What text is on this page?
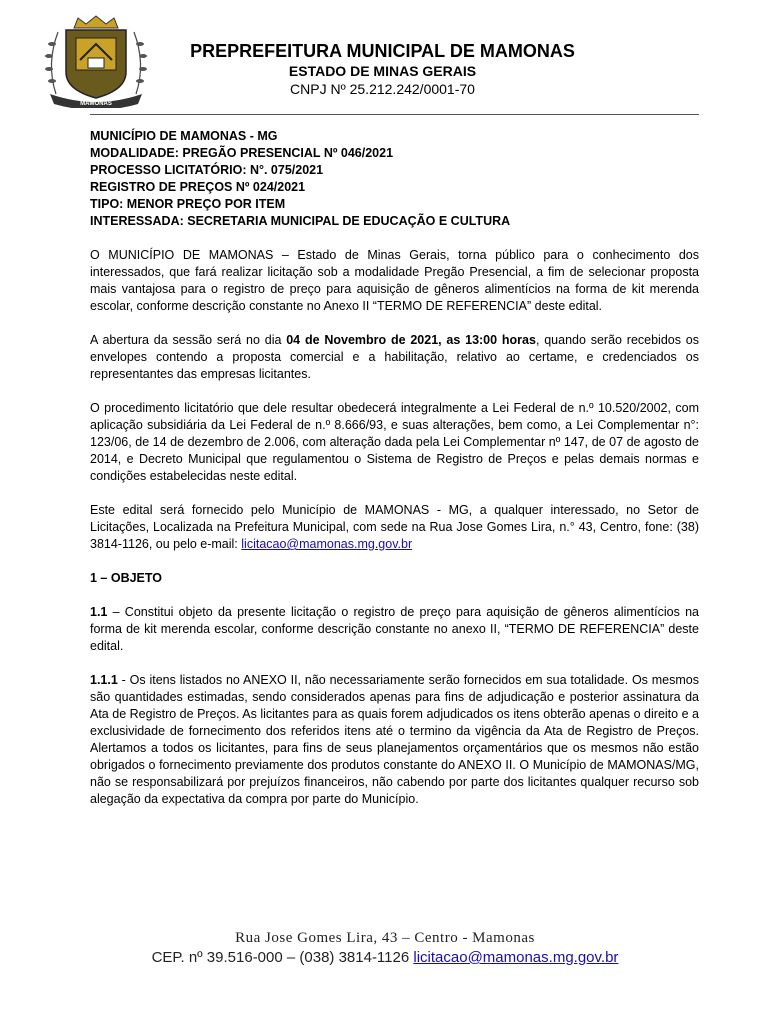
MAMONAS
PREPREFEITURA MUNICIPAL DE MAMONAS
ESTADO DE MINAS GERAIS
CNPJ Nº 25.212.242/0001-70
MUNICÍPIO DE MAMONAS - MG
MODALIDADE: PREGÃO PRESENCIAL Nº 046/2021
PROCESSO LICITATÓRIO: N°. 075/2021
REGISTRO DE PREÇOS Nº 024/2021
TIPO: MENOR PREÇO POR ITEM
INTERESSADA: SECRETARIA MUNICIPAL DE EDUCAÇÃO E CULTURA

O MUNICÍPIO DE MAMONAS – Estado de Minas Gerais, torna público para o conhecimento dos interessados, que fará realizar licitação sob a modalidade Pregão Presencial, a fim de selecionar proposta mais vantajosa para o registro de preço para aquisição de gêneros alimentícios na forma de kit merenda escolar, conforme descrição constante no Anexo II “TERMO DE REFERENCIA” deste edital.

A abertura da sessão será no dia 04 de Novembro de 2021, as 13:00 horas, quando serão recebidos os envelopes contendo a proposta comercial e a habilitação, relativo ao certame, e credenciados os representantes das empresas licitantes.

O procedimento licitatório que dele resultar obedecerá integralmente a Lei Federal de n.º 10.520/2002, com aplicação subsidiária da Lei Federal de n.º 8.666/93, e suas alterações, bem como, a Lei Complementar n°: 123/06, de 14 de dezembro de 2.006, com alteração dada pela Lei Complementar nº 147, de 07 de agosto de 2014, e Decreto Municipal que regulamentou o Sistema de Registro de Preços e pelas demais normas e condições estabelecidas neste edital.

Este edital será fornecido pelo Município de MAMONAS - MG, a qualquer interessado, no Setor de Licitações, Localizada na Prefeitura Municipal, com sede na Rua Jose Gomes Lira, n.° 43, Centro, fone: (38) 3814-1126, ou pelo e-mail: licitacao@mamonas.mg.gov.br

1 – OBJETO

1.1 – Constitui objeto da presente licitação o registro de preço para aquisição de gêneros alimentícios na forma de kit merenda escolar, conforme descrição constante no anexo II, “TERMO DE REFERENCIA” deste edital.

1.1.1 - Os itens listados no ANEXO II, não necessariamente serão fornecidos em sua totalidade. Os mesmos são quantidades estimadas, sendo considerados apenas para fins de adjudicação e posterior assinatura da Ata de Registro de Preços. As licitantes para as quais forem adjudicados os itens obterão apenas o direito e a exclusividade de fornecimento dos referidos itens até o termino da vigência da Ata de Registro de Preços. Alertamos a todos os licitantes, para fins de seus planejamentos orçamentários que os mesmos não estão obrigados o fornecimento previamente dos produtos constante do ANEXO II. O Município de MAMONAS/MG, não se responsabilizará por prejuízos financeiros, não cabendo por parte dos licitantes qualquer recurso sob alegação da expectativa da compra por parte do Município.

Rua Jose Gomes Lira, 43 – Centro - Mamonas
CEP. nº 39.516-000 – (038) 3814-1126 licitacao@mamonas.mg.gov.br
